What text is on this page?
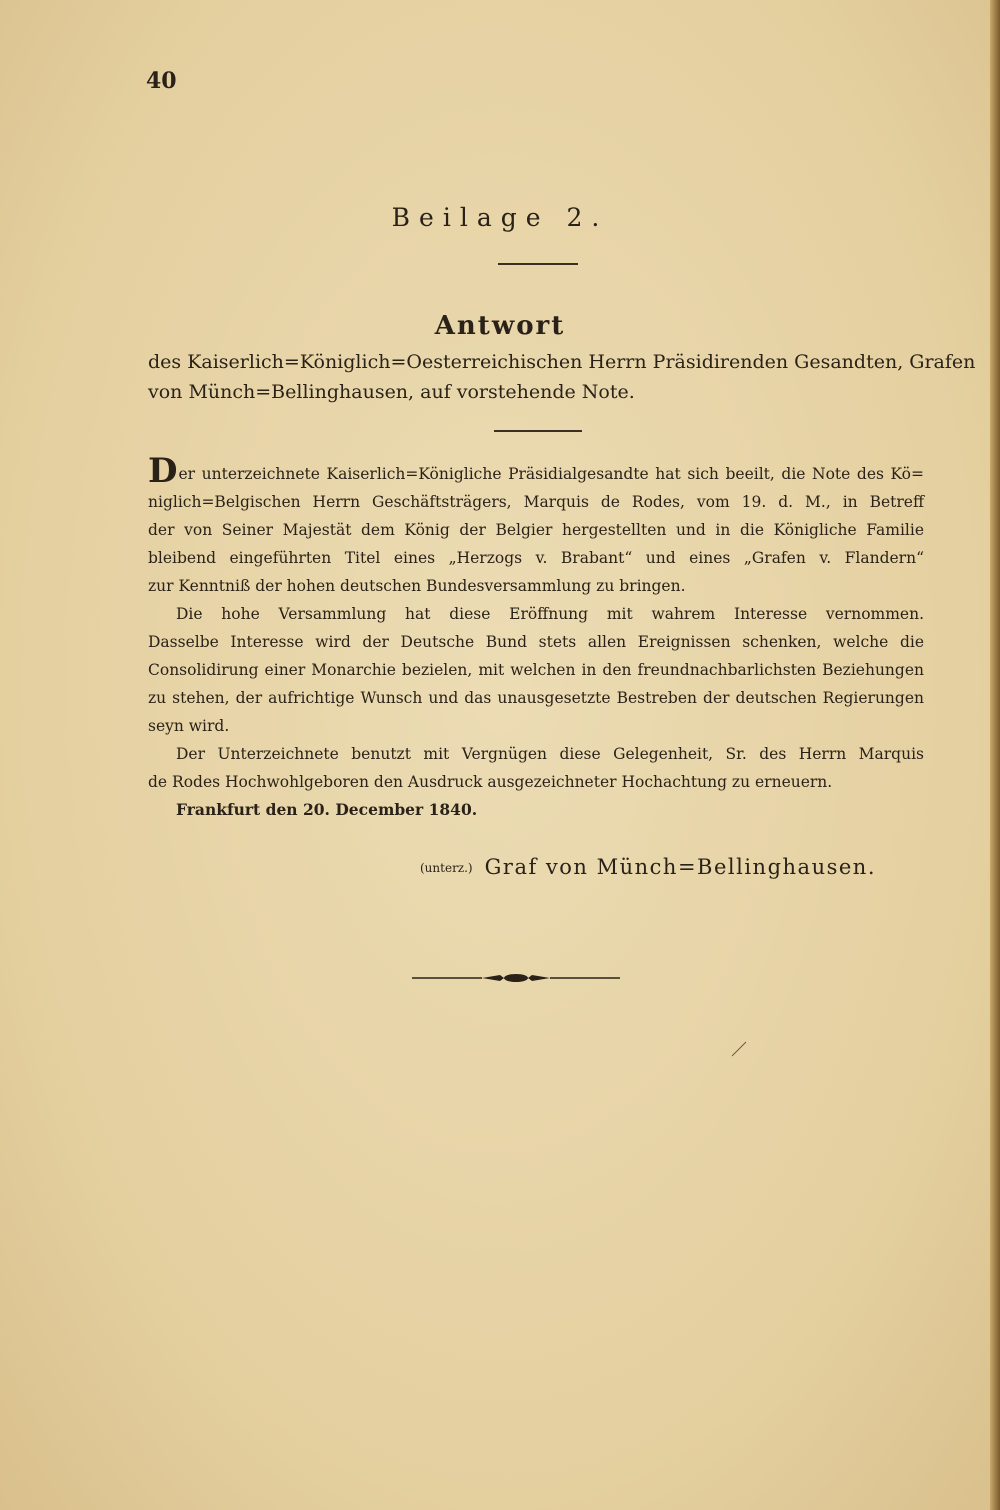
40
Beilage 2.
Antwort
des Kaiserlich=Königlich=Oesterreichischen Herrn Präsidirenden Gesandten, Grafen
von Münch=Bellinghausen, auf vorstehende Note.
Der unterzeichnete Kaiserlich=Königliche Präsidialgesandte hat sich beeilt, die Note des Kö=
niglich=Belgischen Herrn Geschäftsträgers, Marquis de Rodes, vom 19. d. M., in Betreff
der von Seiner Majestät dem König der Belgier hergestellten und in die Königliche Familie
bleibend eingeführten Titel eines „Herzogs v. Brabant“ und eines „Grafen v. Flandern“
zur Kenntniß der hohen deutschen Bundesversammlung zu bringen.
Die hohe Versammlung hat diese Eröffnung mit wahrem Interesse vernommen.
Dasselbe Interesse wird der Deutsche Bund stets allen Ereignissen schenken, welche die
Consolidirung einer Monarchie bezielen, mit welchen in den freundnachbarlichsten Beziehungen
zu stehen, der aufrichtige Wunsch und das unausgesetzte Bestreben der deutschen Regierungen
seyn wird.
Der Unterzeichnete benutzt mit Vergnügen diese Gelegenheit, Sr. des Herrn Marquis
de Rodes Hochwohlgeboren den Ausdruck ausgezeichneter Hochachtung zu erneuern.
Frankfurt den 20. December 1840.
(unterz.) Graf von Münch=Bellinghausen.
